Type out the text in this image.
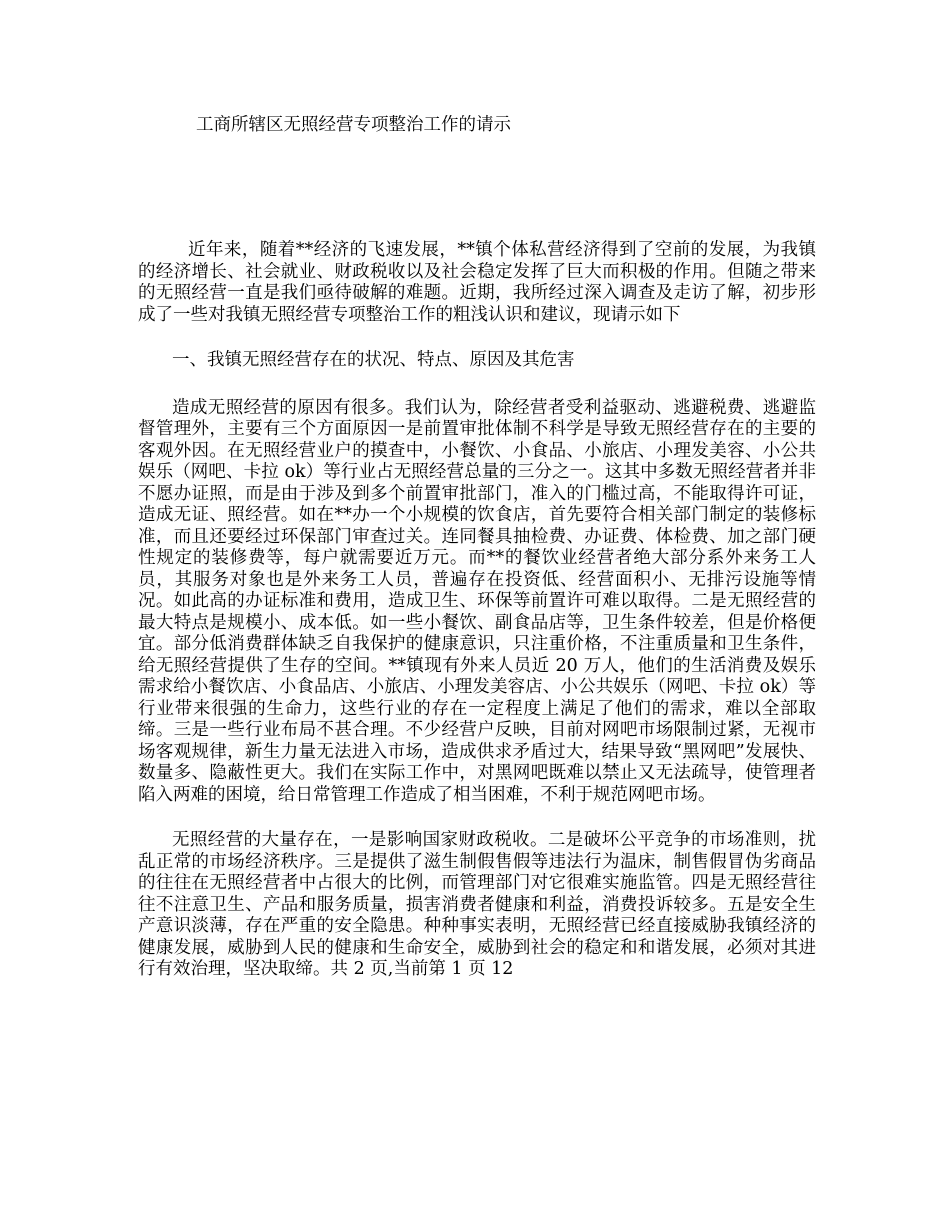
工商所辖区无照经营专项整治工作的请示

近年来，随着**经济的飞速发展，**镇个体私营经济得到了空前的发展，为我镇的经济增长、社会就业、财政税收以及社会稳定发挥了巨大而积极的作用。但随之带来的无照经营一直是我们亟待破解的难题。近期，我所经过深入调查及走访了解，初步形成了一些对我镇无照经营专项整治工作的粗浅认识和建议，现请示如下

一、我镇无照经营存在的状况、特点、原因及其危害

造成无照经营的原因有很多。我们认为，除经营者受利益驱动、逃避税费、逃避监督管理外，主要有三个方面原因一是前置审批体制不科学是导致无照经营存在的主要的客观外因。在无照经营业户的摸查中，小餐饮、小食品、小旅店、小理发美容、小公共娱乐（网吧、卡拉 ok）等行业占无照经营总量的三分之一。这其中多数无照经营者并非不愿办证照，而是由于涉及到多个前置审批部门，准入的门槛过高，不能取得许可证，造成无证、照经营。如在**办一个小规模的饮食店，首先要符合相关部门制定的装修标准，而且还要经过环保部门审查过关。连同餐具抽检费、办证费、体检费、加之部门硬性规定的装修费等，每户就需要近万元。而**的餐饮业经营者绝大部分系外来务工人员，其服务对象也是外来务工人员，普遍存在投资低、经营面积小、无排污设施等情况。如此高的办证标准和费用，造成卫生、环保等前置许可难以取得。二是无照经营的最大特点是规模小、成本低。如一些小餐饮、副食品店等，卫生条件较差，但是价格便宜。部分低消费群体缺乏自我保护的健康意识，只注重价格，不注重质量和卫生条件，给无照经营提供了生存的空间。**镇现有外来人员近 20 万人，他们的生活消费及娱乐需求给小餐饮店、小食品店、小旅店、小理发美容店、小公共娱乐（网吧、卡拉 ok）等行业带来很强的生命力，这些行业的存在一定程度上满足了他们的需求，难以全部取缔。三是一些行业布局不甚合理。不少经营户反映，目前对网吧市场限制过紧，无视市场客观规律，新生力量无法进入市场，造成供求矛盾过大，结果导致“黑网吧”发展快、数量多、隐蔽性更大。我们在实际工作中，对黑网吧既难以禁止又无法疏导，使管理者陷入两难的困境，给日常管理工作造成了相当困难，不利于规范网吧市场。

无照经营的大量存在，一是影响国家财政税收。二是破坏公平竞争的市场准则，扰乱正常的市场经济秩序。三是提供了滋生制假售假等违法行为温床，制售假冒伪劣商品的往往在无照经营者中占很大的比例，而管理部门对它很难实施监管。四是无照经营往往不注意卫生、产品和服务质量，损害消费者健康和利益，消费投诉较多。五是安全生产意识淡薄，存在严重的安全隐患。种种事实表明，无照经营已经直接威胁我镇经济的健康发展，威胁到人民的健康和生命安全，威胁到社会的稳定和和谐发展，必须对其进行有效治理，坚决取缔。共 2 页,当前第 1 页 12
